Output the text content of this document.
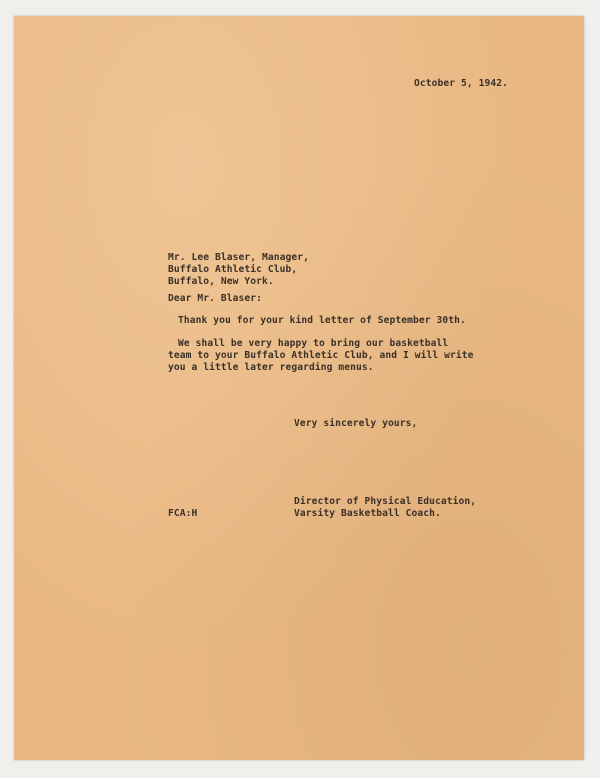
October 5, 1942.
Mr. Lee Blaser, Manager,
Buffalo Athletic Club,
Buffalo, New York.
Dear Mr. Blaser:
Thank you for your kind letter of September 30th.
We shall be very happy to bring our basketball
team to your Buffalo Athletic Club, and I will write
you a little later regarding menus.
Very sincerely yours,
Director of Physical Education,
FCA:H	Varsity Basketball Coach.
